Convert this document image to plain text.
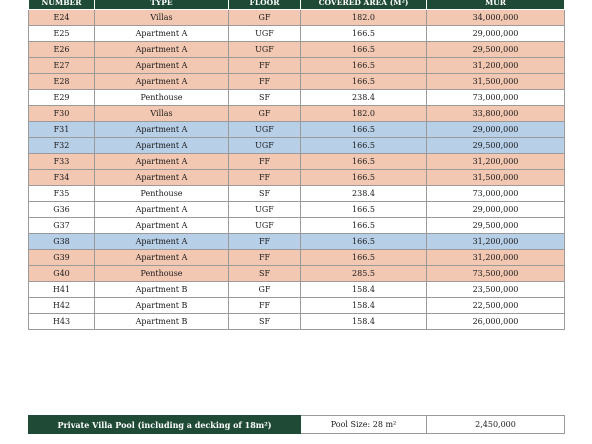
NUMBER	TYPE	FLOOR	COVERED AREA (M²)	MUR
E24	Villas	GF	182.0	34,000,000
E25	Apartment A	UGF	166.5	29,000,000
E26	Apartment A	UGF	166.5	29,500,000
E27	Apartment A	FF	166.5	31,200,000
E28	Apartment A	FF	166.5	31,500,000
E29	Penthouse	SF	238.4	73,000,000
F30	Villas	GF	182.0	33,800,000
F31	Apartment A	UGF	166.5	29,000,000
F32	Apartment A	UGF	166.5	29,500,000
F33	Apartment A	FF	166.5	31,200,000
F34	Apartment A	FF	166.5	31,500,000
F35	Penthouse	SF	238.4	73,000,000
G36	Apartment A	UGF	166.5	29,000,000
G37	Apartment A	UGF	166.5	29,500,000
G38	Apartment A	FF	166.5	31,200,000
G39	Apartment A	FF	166.5	31,200,000
G40	Penthouse	SF	285.5	73,500,000
H41	Apartment B	GF	158.4	23,500,000
H42	Apartment B	FF	158.4	22,500,000
H43	Apartment B	SF	158.4	26,000,000
Private Villa Pool (including a decking of 18m²)	Pool Size: 28 m²	2,450,000
